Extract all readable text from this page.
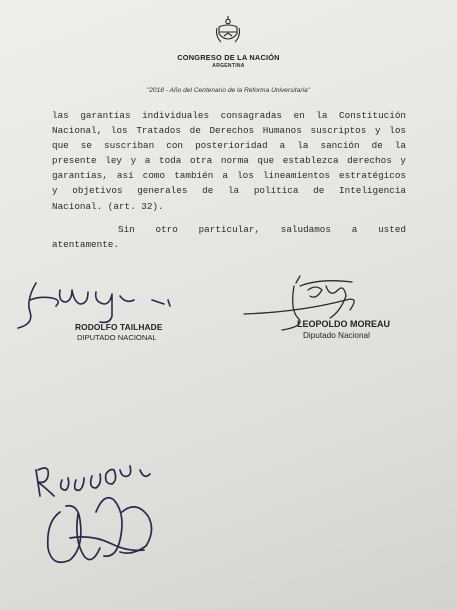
CONGRESO DE LA NACIÓN
ARGENTINA
"2018 - Año del Centenario de la Reforma Universitaria"
las garantías individuales consagradas en la Constitución
Nacional, los Tratados de Derechos Humanos suscriptos y los
que se suscriban con posterioridad a la sanción de la
presente ley y a toda otra norma que establezca derechos y
garantías, así como también a los lineamientos estratégicos
y objetivos generales de la política de Inteligencia
Nacional. (art. 32).
Sin otro particular, saludamos a usted
atentamente.
RODOLFO TAILHADE
DIPUTADO NACIONAL
LEOPOLDO MOREAU
Diputado Nacional
